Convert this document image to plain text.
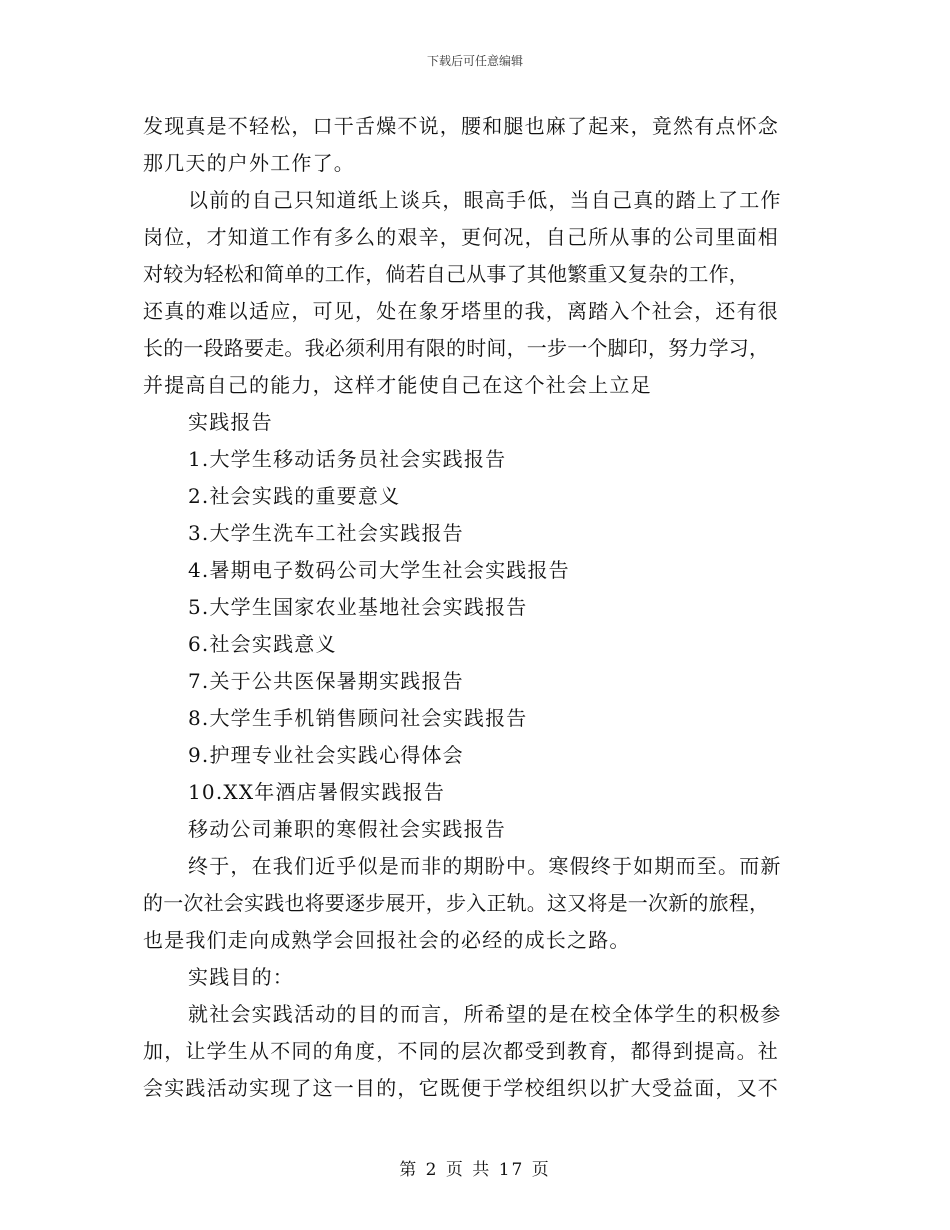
下载后可任意编辑
发现真是不轻松，口干舌燥不说，腰和腿也麻了起来，竟然有点怀念
那几天的户外工作了。
以前的自己只知道纸上谈兵，眼高手低，当自己真的踏上了工作
岗位，才知道工作有多么的艰辛，更何况，自己所从事的公司里面相
对较为轻松和简单的工作，倘若自己从事了其他繁重又复杂的工作，
还真的难以适应，可见，处在象牙塔里的我，离踏入个社会，还有很
长的一段路要走。我必须利用有限的时间，一步一个脚印，努力学习，
并提高自己的能力，这样才能使自己在这个社会上立足
实践报告
1.大学生移动话务员社会实践报告
2.社会实践的重要意义
3.大学生洗车工社会实践报告
4.暑期电子数码公司大学生社会实践报告
5.大学生国家农业基地社会实践报告
6.社会实践意义
7.关于公共医保暑期实践报告
8.大学生手机销售顾问社会实践报告
9.护理专业社会实践心得体会
10.XX年酒店暑假实践报告
移动公司兼职的寒假社会实践报告
终于，在我们近乎似是而非的期盼中。寒假终于如期而至。而新
的一次社会实践也将要逐步展开，步入正轨。这又将是一次新的旅程，
也是我们走向成熟学会回报社会的必经的成长之路。
实践目的：
就社会实践活动的目的而言，所希望的是在校全体学生的积极参
加，让学生从不同的角度，不同的层次都受到教育，都得到提高。社
会实践活动实现了这一目的，它既便于学校组织以扩大受益面，又不
第 2 页 共 17 页
